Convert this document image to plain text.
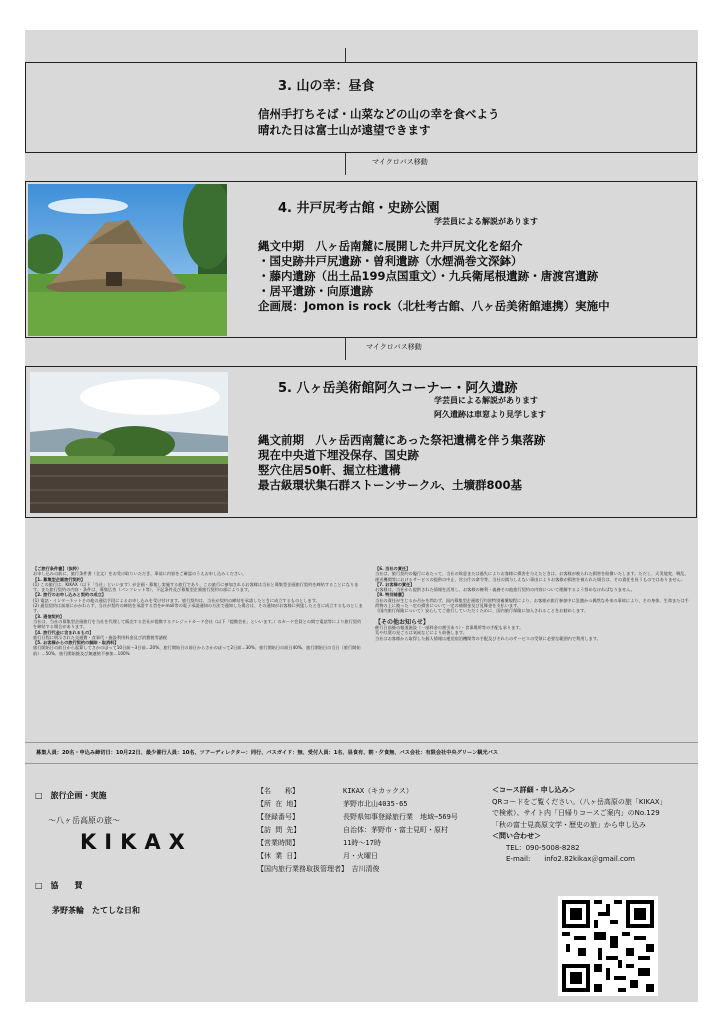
マイクロバス移動
マイクロバス移動
3. 山の幸：昼食
信州手打ちそば・山菜などの山の幸を食べよう
晴れた日は富士山が遠望できます
4. 井戸尻考古館・史跡公園
学芸員による解説があります
縄文中期　八ヶ岳南麓に展開した井戸尻文化を紹介
・国史跡井戸尻遺跡・曽利遺跡（水煙渦巻文深鉢）
・藤内遺跡（出土品199点国重文）・九兵衛尾根遺跡・唐渡宮遺跡
・居平遺跡・向原遺跡
企画展：Jomon is rock（北杜考古館、八ヶ岳美術館連携）実施中
5. 八ヶ岳美術館阿久コーナー・阿久遺跡
学芸員による解説があります
阿久遺跡は車窓より見学します
縄文前期　八ヶ岳西南麓にあった祭祀遺構を伴う集落跡
現在中央道下埋没保存、国史跡
竪穴住居50軒、掘立柱遺構
最古級環状集石群ストーンサークル、土壙群800基
【ご旅行条件書】（抜粋）
お申し込みの前に、旅行条件書（全文）をお受け取りいただき、事前に内容をご確認のうえお申し込みください。
【1. 募集型企画旅行契約】
(1) この旅行は、KIKAX（以下「当社」といいます）が企画・募集し実施する旅行であり、この旅行に参加されるお客様は当社と募集型企画旅行契約を締結することになります。また旅行契約の内容・条件は、募集広告（パンフレット等）、下記条件及び募集型企画旅行契約の部によります。
【2. 旅行のお申し込みと契約の成立】
(1) 電話・インターネットその他の通信手段によるお申し込みを受け付けます。旅行契約は、当社が契約の締結を承諾したときに成立するものとします。
(2) 通信契約は前項にかかわらず、当社が契約の締結を承諾する旨をe-mail等の電子承諾通知の方法で通知した場合は、その通知がお客様に到達したときに成立するものとします。
【3. 通信契約】
当社は、当社の募集型企画旅行を当社を代理して販売する会社が提携するクレジットカード会社（以下「提携会社」といいます。）のカード会員との間で電話等により旅行契約を締結する場合があります。
【4. 旅行代金に含まれるもの】
旅行日程に明示された交通費・食事代・施設利用料金及び消費税等諸税
【5. お客様からの旅行契約の解除・取消料】
旅行開始日の前日から起算してさかのぼって10日前〜3日前…20%、旅行開始日の前日からさかのぼって2日前…30%、旅行開始日の前日40%、旅行開始日の当日（旅行開始前）…50%、旅行開始後及び無連絡不参加…100%
【6. 当社の責任】
当社は、旅行契約の履行にあたって、当社の故意または過失によりお客様に損害を与えたときは、お客様が被られた損害を賠償いたします。ただし、天災地変、戦乱、運送機関等におけるサービスの提供の中止、官公庁の命令等、当社の関与しえない事由によりお客様が損害を被られた場合は、その責任を負うものではありません。
【7. お客様の責任】
お客様は、当社から提供された情報を活用し、お客様の権利・義務その他旅行契約の内容について理解するよう努めなければなりません。
【8. 特別補償】
当社の責任が生じるか否かを問わず、国内募集型企画旅行約款特別補償規程により、お客様が旅行参加中に急激かつ偶然な外来の事故により、その身体、生命または手荷物の上に被った一定の損害について一定の補償金及び見舞金を支払います。
《国内旅行保険について》安心してご旅行していただくために、国内旅行保険に加入されることをお勧めします。
【その他お知らせ】
催行日前後の報道施設（一部料金の割引あり）・食事場所等の手配も承ります。
荒や紅葉の見ごろは気候などにより前後します。
当社はお客様から取得した個人情報は運送宿泊機関等の手配及びそれらのサービスの受領に必要な範囲内で利用します。
募集人員：20名・申込み締切日：10月22日、最少催行人員：10名、ツアーディレクター：同行、バスガイド：無、受付人員：1名、昼食有、朝・夕食無、バス会社：有限会社中央グリーン観光バス
□　旅行企画・実施
〜八ヶ岳高原の旅〜
KIKAX
□　協　　賛
茅野茶輪　たてしな日和
【名　　称】	KIKAX（キカックス）
【所 在 地】	茅野市北山4035-65
【登録番号】	長野県知事登録旅行業　地域−569号
【訪 問 先】	自治体：茅野市・富士見町・原村
【営業時間】	11時〜17時
【休 業 日】	月・火曜日
【国内旅行業務取扱管理者】　 吉川清俊
＜コース詳細・申し込み＞
QRコードをご覧ください。（八ヶ岳高原の旅「KIKAX」
で検索）、サイト内「日帰りコースご案内」のNo.129
「秋の富士見高原文学・歴史の旅」から申し込み
＜問い合わせ＞
TEL：090-5008-8282
E-mail:　　info2.82kikax＠gmail.com
